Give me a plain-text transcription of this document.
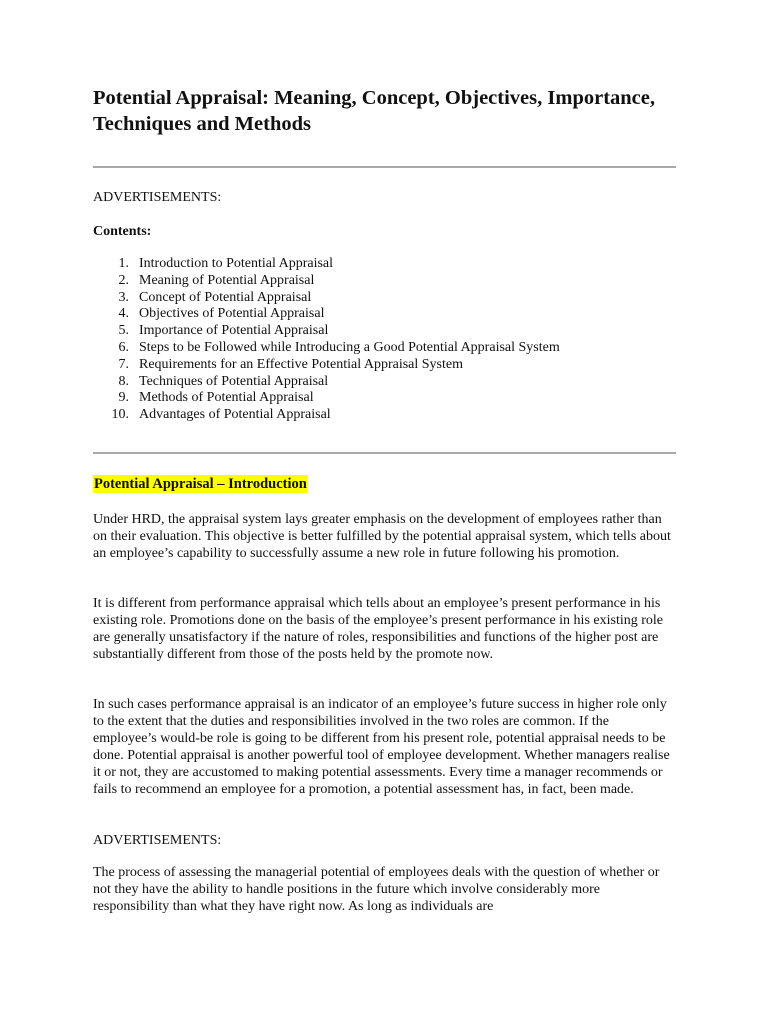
Potential Appraisal: Meaning, Concept, Objectives, Importance, Techniques and Methods
ADVERTISEMENTS:
Contents:
1. Introduction to Potential Appraisal
2. Meaning of Potential Appraisal
3. Concept of Potential Appraisal
4. Objectives of Potential Appraisal
5. Importance of Potential Appraisal
6. Steps to be Followed while Introducing a Good Potential Appraisal System
7. Requirements for an Effective Potential Appraisal System
8. Techniques of Potential Appraisal
9. Methods of Potential Appraisal
10. Advantages of Potential Appraisal
Potential Appraisal – Introduction

Under HRD, the appraisal system lays greater emphasis on the development of employees rather than on their evaluation. This objective is better fulfilled by the potential appraisal system, which tells about an employee’s capability to successfully assume a new role in future following his promotion.

It is different from performance appraisal which tells about an employee’s present performance in his existing role. Promotions done on the basis of the employee’s present performance in his existing role are generally unsatisfactory if the nature of roles, responsibilities and functions of the higher post are substantially different from those of the posts held by the promote now.

In such cases performance appraisal is an indicator of an employee’s future success in higher role only to the extent that the duties and responsibilities involved in the two roles are common. If the employee’s would-be role is going to be different from his present role, potential appraisal needs to be done. Potential appraisal is another powerful tool of employee development. Whether managers realise it or not, they are accustomed to making potential assessments. Every time a manager recommends or fails to recommend an employee for a promotion, a potential assessment has, in fact, been made.

ADVERTISEMENTS:

The process of assessing the managerial potential of employees deals with the question of whether or not they have the ability to handle positions in the future which involve considerably more responsibility than what they have right now. As long as individuals are
